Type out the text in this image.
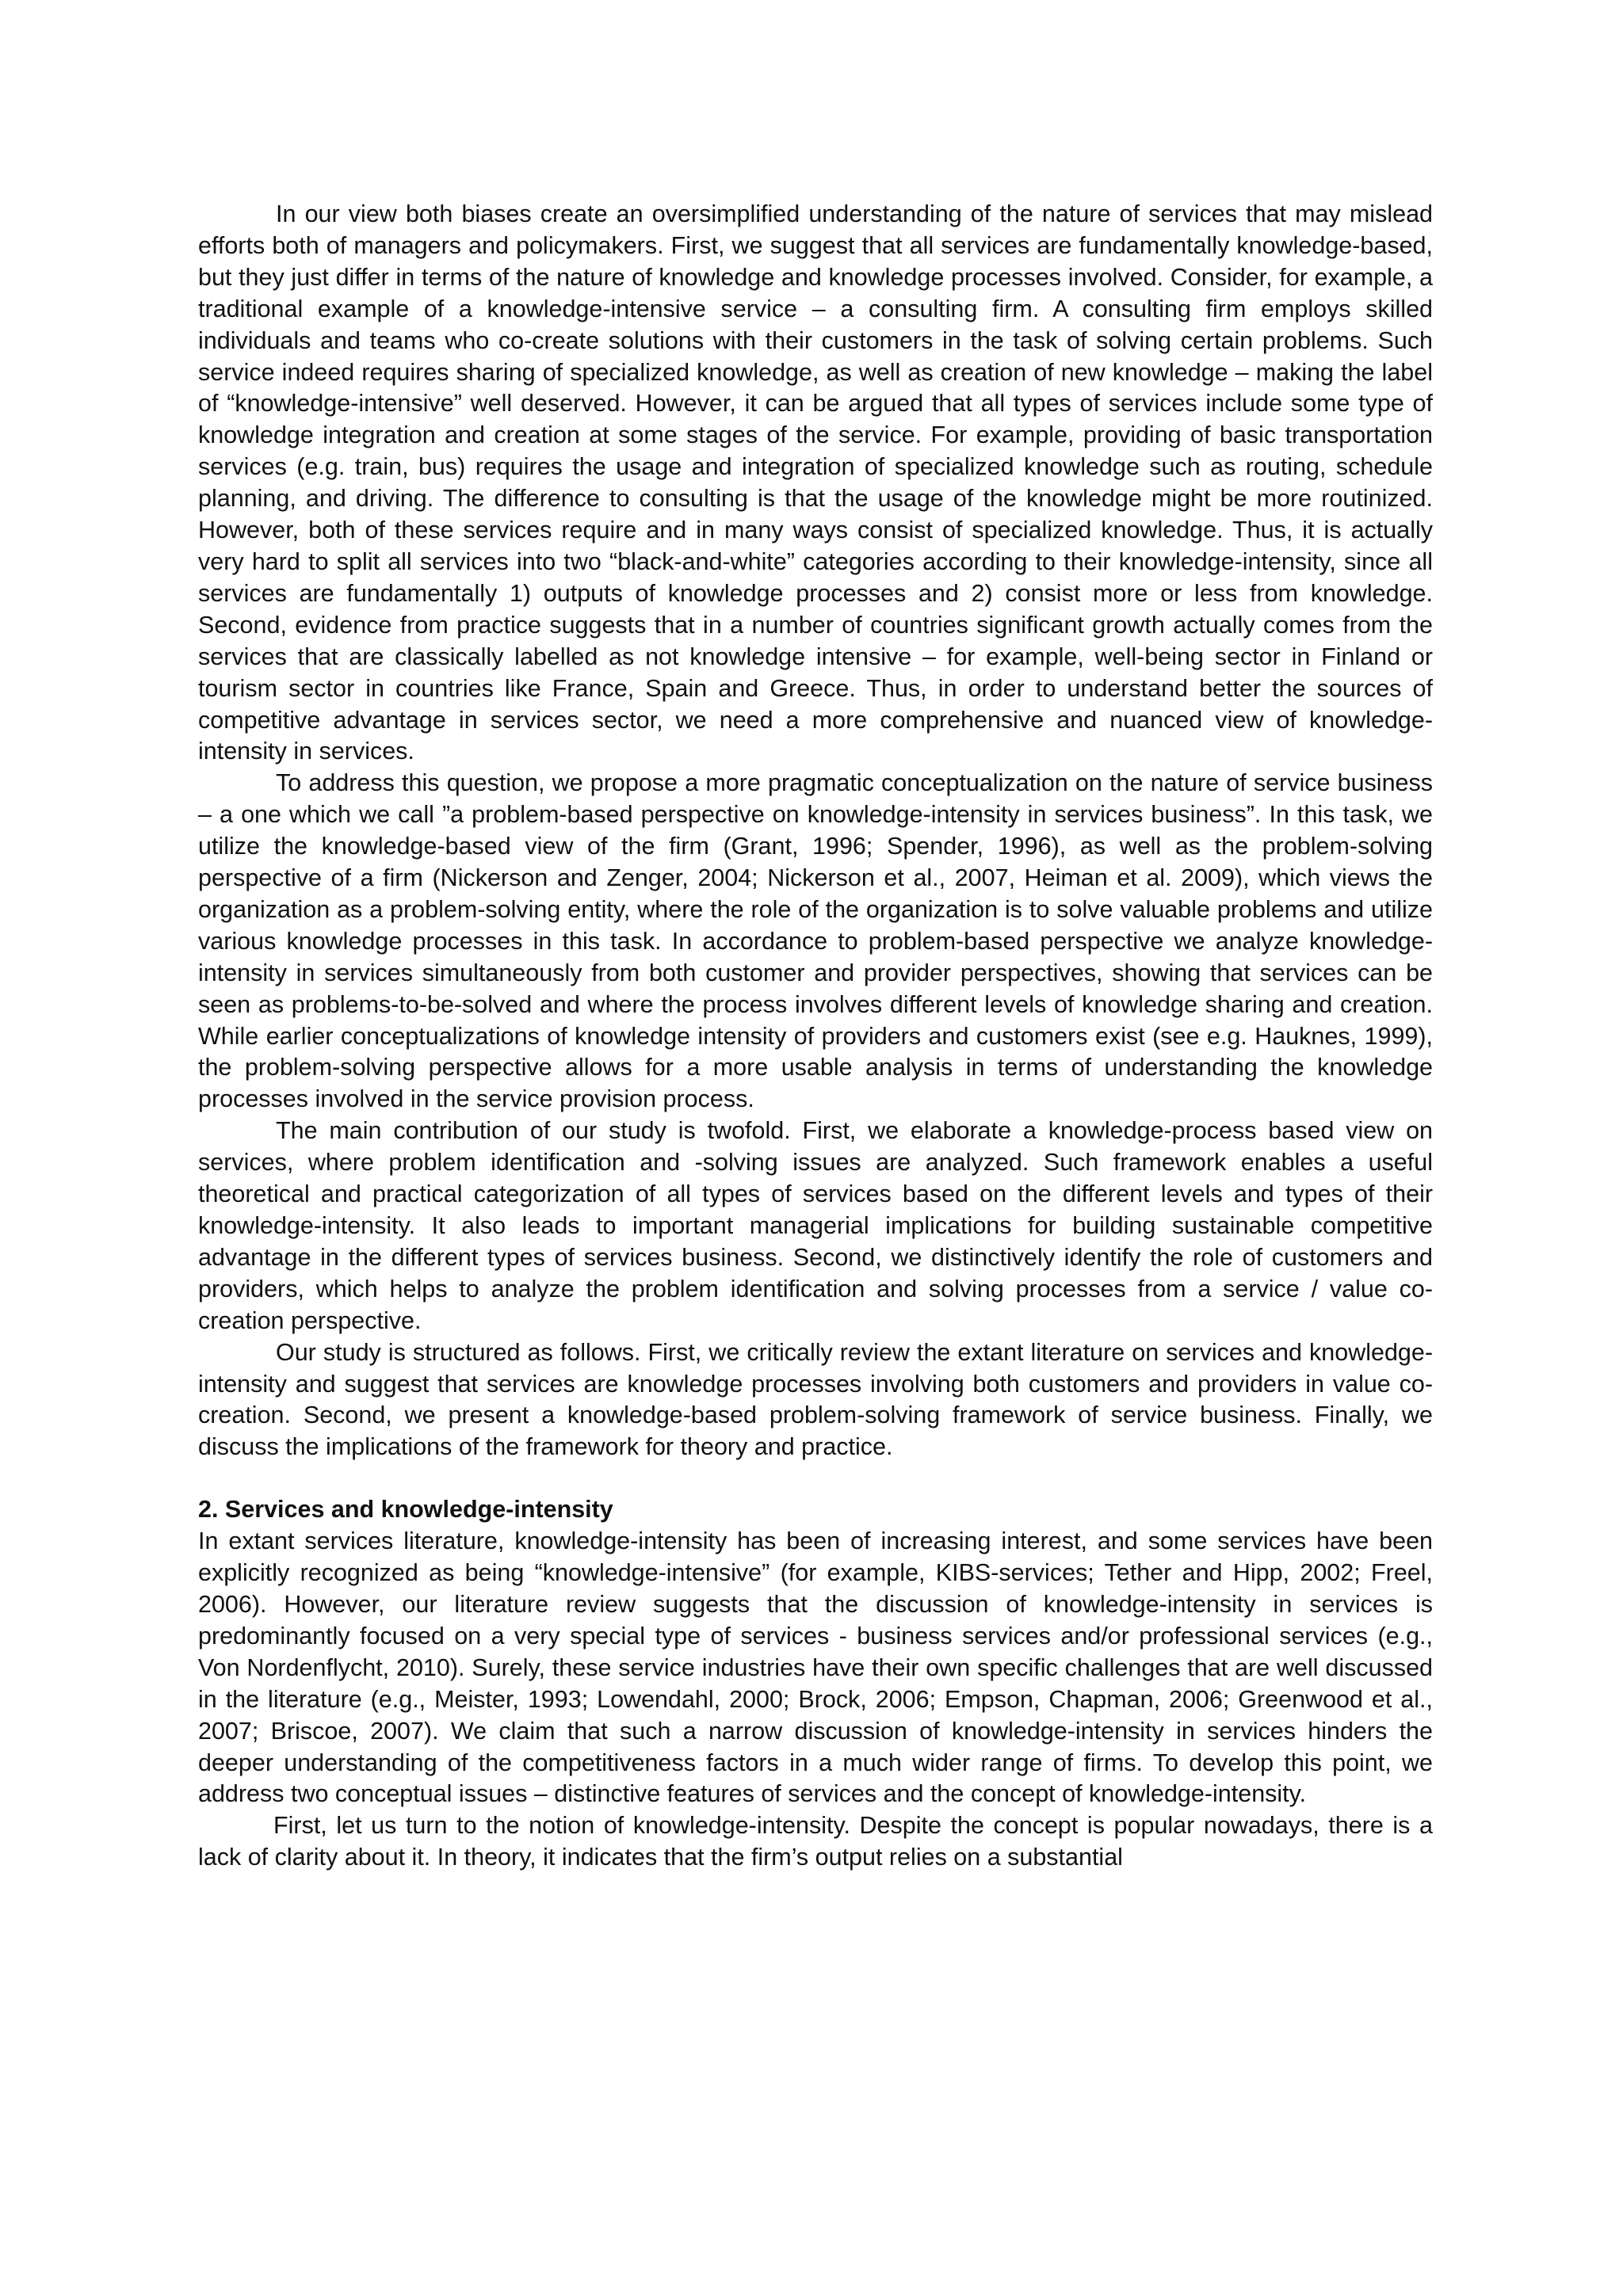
In our view both biases create an oversimplified understanding of the nature of services that may mislead efforts both of managers and policymakers. First, we suggest that all services are fundamentally knowledge-based, but they just differ in terms of the nature of knowledge and knowledge processes involved. Consider, for example, a traditional example of a knowledge-intensive service – a consulting firm. A consulting firm employs skilled individuals and teams who co-create solutions with their customers in the task of solving certain problems. Such service indeed requires sharing of specialized knowledge, as well as creation of new knowledge – making the label of “knowledge-intensive” well deserved. However, it can be argued that all types of services include some type of knowledge integration and creation at some stages of the service. For example, providing of basic transportation services (e.g. train, bus) requires the usage and integration of specialized knowledge such as routing, schedule planning, and driving. The difference to consulting is that the usage of the knowledge might be more routinized. However, both of these services require and in many ways consist of specialized knowledge. Thus, it is actually very hard to split all services into two “black-and-white” categories according to their knowledge-intensity, since all services are fundamentally 1) outputs of knowledge processes and 2) consist more or less from knowledge. Second, evidence from practice suggests that in a number of countries significant growth actually comes from the services that are classically labelled as not knowledge intensive – for example, well-being sector in Finland or tourism sector in countries like France, Spain and Greece. Thus, in order to understand better the sources of competitive advantage in services sector, we need a more comprehensive and nuanced view of knowledge-intensity in services.

To address this question, we propose a more pragmatic conceptualization on the nature of service business – a one which we call ”a problem-based perspective on knowledge-intensity in services business”. In this task, we utilize the knowledge-based view of the firm (Grant, 1996; Spender, 1996), as well as the problem-solving perspective of a firm (Nickerson and Zenger, 2004; Nickerson et al., 2007, Heiman et al. 2009), which views the organization as a problem-solving entity, where the role of the organization is to solve valuable problems and utilize various knowledge processes in this task. In accordance to problem-based perspective we analyze knowledge-intensity in services simultaneously from both customer and provider perspectives, showing that services can be seen as problems-to-be-solved and where the process involves different levels of knowledge sharing and creation. While earlier conceptualizations of knowledge intensity of providers and customers exist (see e.g. Hauknes, 1999), the problem-solving perspective allows for a more usable analysis in terms of understanding the knowledge processes involved in the service provision process.

The main contribution of our study is twofold. First, we elaborate a knowledge-process based view on services, where problem identification and -solving issues are analyzed. Such framework enables a useful theoretical and practical categorization of all types of services based on the different levels and types of their knowledge-intensity. It also leads to important managerial implications for building sustainable competitive advantage in the different types of services business. Second, we distinctively identify the role of customers and providers, which helps to analyze the problem identification and solving processes from a service / value co-creation perspective.

Our study is structured as follows. First, we critically review the extant literature on services and knowledge-intensity and suggest that services are knowledge processes involving both customers and providers in value co-creation. Second, we present a knowledge-based problem-solving framework of service business. Finally, we discuss the implications of the framework for theory and practice.

2. Services and knowledge-intensity

In extant services literature, knowledge-intensity has been of increasing interest, and some services have been explicitly recognized as being “knowledge-intensive” (for example, KIBS-services; Tether and Hipp, 2002; Freel, 2006). However, our literature review suggests that the discussion of knowledge-intensity in services is predominantly focused on a very special type of services - business services and/or professional services (e.g., Von Nordenflycht, 2010). Surely, these service industries have their own specific challenges that are well discussed in the literature (e.g., Meister, 1993; Lowendahl, 2000; Brock, 2006; Empson, Chapman, 2006; Greenwood et al., 2007; Briscoe, 2007). We claim that such a narrow discussion of knowledge-intensity in services hinders the deeper understanding of the competitiveness factors in a much wider range of firms. To develop this point, we address two conceptual issues – distinctive features of services and the concept of knowledge-intensity.

First, let us turn to the notion of knowledge-intensity. Despite the concept is popular nowadays, there is a lack of clarity about it. In theory, it indicates that the firm’s output relies on a substantial
